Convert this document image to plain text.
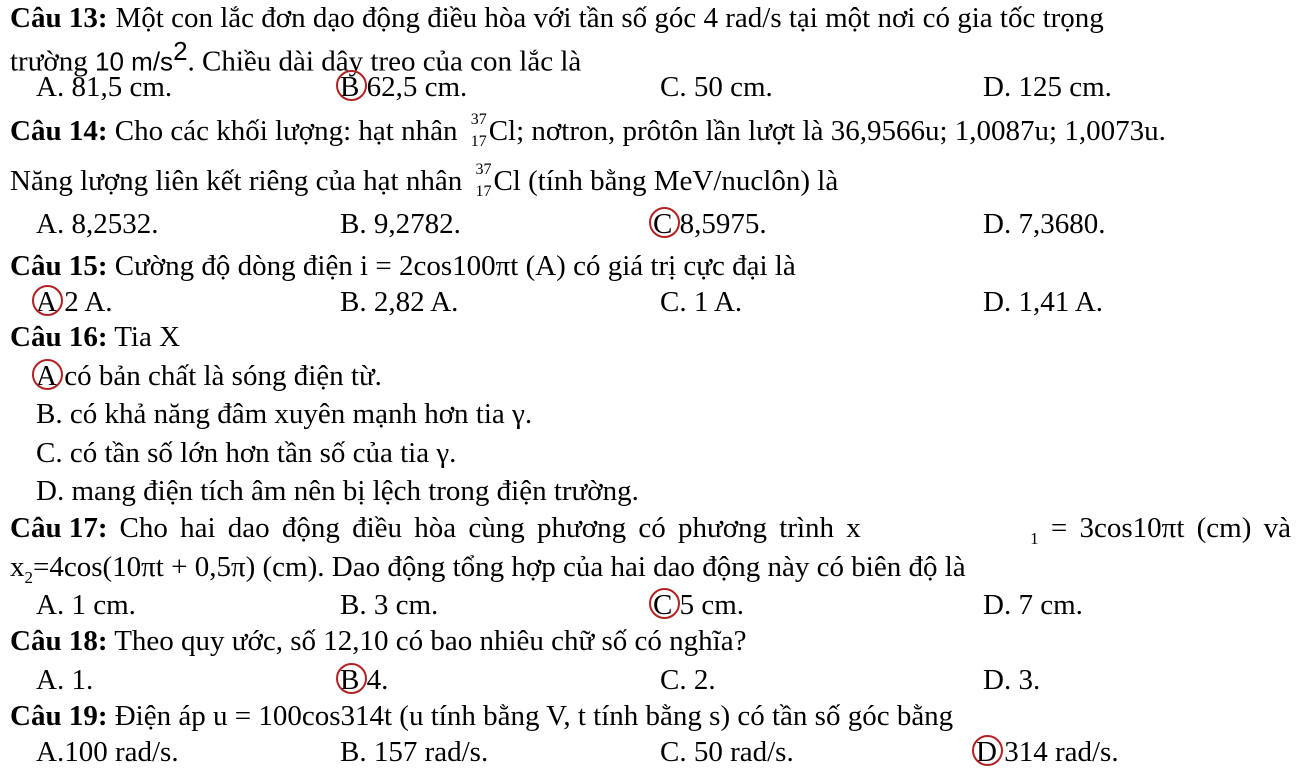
Câu 13: Một con lắc đơn dạo động điều hòa với tần số góc 4 rad/s tại một nơi có gia tốc trọng
trường 10 $m/s^2$. Chiều dài dây treo của con lắc là
A. 81,5 cm.	B 62,5 cm.	C. 50 cm.	D. 125 cm.
Câu 14: Cho các khối lượng: hạt nhân 37
17 Cl; nơtron, prôtôn lần lượt là 36,9566u; 1,0087u; 1,0073u.
Năng lượng liên kết riêng của hạt nhân 37
17 Cl (tính bằng MeV/nuclôn) là
A. 8,2532.	B. 9,2782.	C 8,5975.	D. 7,3680.
Câu 15: Cường độ dòng điện i = 2cos100πt (A) có giá trị cực đại là
A 2 A.	B. 2,82 A.	C. 1 A.	D. 1,41 A.
Câu 16: Tia X
A có bản chất là sóng điện từ.
B. có khả năng đâm xuyên mạnh hơn tia γ.
C. có tần số lớn hơn tần số của tia γ.
D. mang điện tích âm nên bị lệch trong điện trường.
Câu 17: Cho hai dao động điều hòa cùng phương có phương trình x	$_1$ = 3cos10πt (cm) và
$x_2=4\cos(10\pi t + 0,5\pi)$ (cm). Dao động tổng hợp của hai dao động này có biên độ là
A. 1 cm.	B. 3 cm.	C 5 cm.	D. 7 cm.
Câu 18: Theo quy ước, số 12,10 có bao nhiêu chữ số có nghĩa?
A. 1.	B 4.	C. 2.	D. 3.
Câu 19: Điện áp u = 100cos314t (u tính bằng V, t tính bằng s) có tần số góc bằng
A.100 rad/s.	B. 157 rad/s.	C. 50 rad/s.	D 314 rad/s.
